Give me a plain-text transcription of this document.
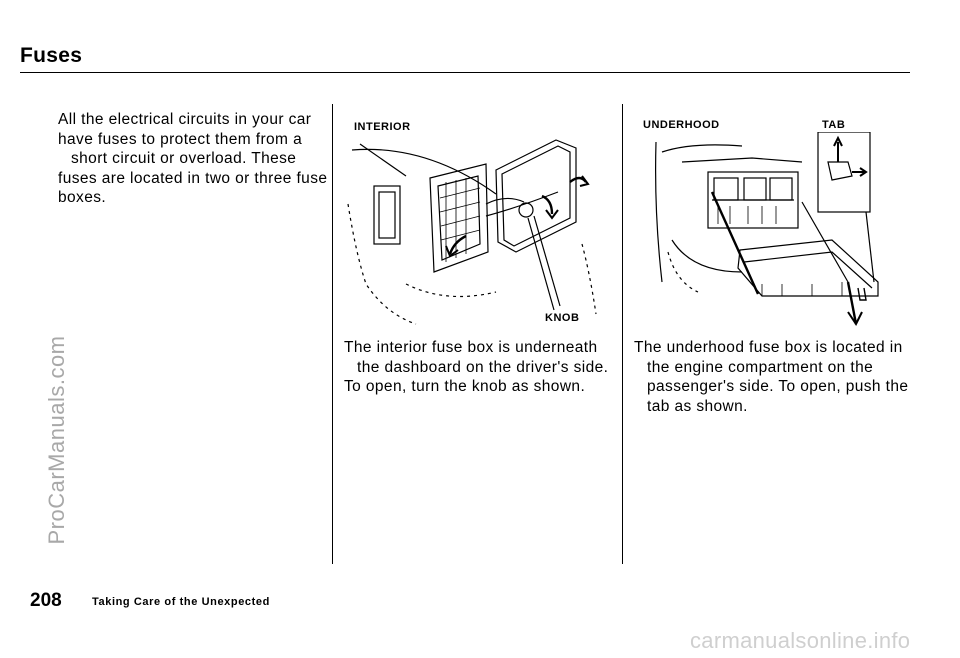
Fuses
ProCarManuals.com
All the electrical circuits in your car
have fuses to protect them from a
short circuit or overload. These
fuses are located in two or three fuse
boxes.
INTERIOR
KNOB
The interior fuse box is underneath
the dashboard on the driver's side.
To open, turn the knob as shown.
UNDERHOOD	TAB
The underhood fuse box is located in
the engine compartment on the
passenger's side. To open, push the
tab as shown.
208	Taking Care of the Unexpected
carmanualsonline.info
